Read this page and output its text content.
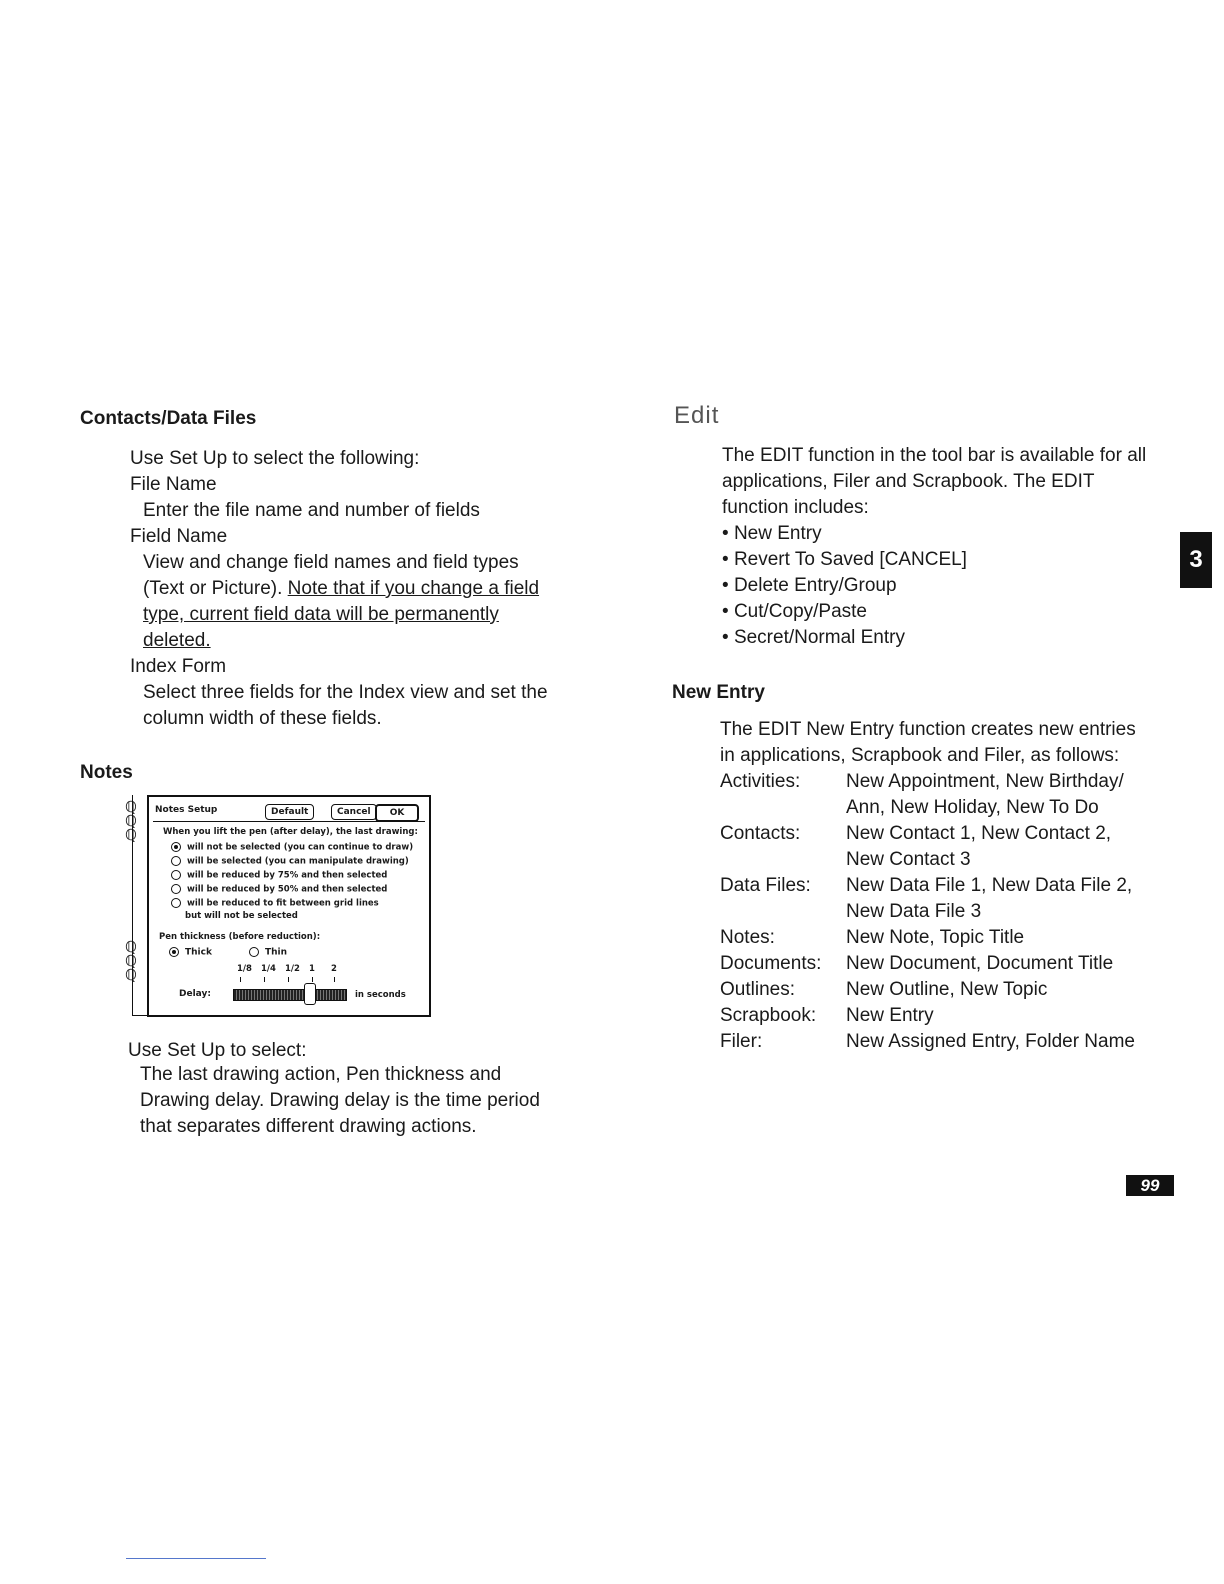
Contacts/Data Files
Use Set Up to select the following:
File Name
Enter the file name and number of fields
Field Name
View and change field names and field types
(Text or Picture). Note that if you change a field
type, current field data will be permanently
deleted.
Index Form
Select three fields for the Index view and set the
column width of these fields.
Notes
ℚ
ℚ
ℚ
ℚ
ℚ
ℚ
Notes Setup	Default	Cancel	OK
When you lift the pen (after delay), the last drawing:
will not be selected (you can continue to draw)
will be selected (you can manipulate drawing)
will be reduced by 75% and then selected
will be reduced by 50% and then selected
will be reduced to fit between grid lines
but will not be selected
Pen thickness (before reduction):
Thick	Thin
1/8 1/4 1/2 1 2
Delay:	in seconds
Use Set Up to select:
The last drawing action, Pen thickness and
Drawing delay. Drawing delay is the time period
that separates different drawing actions.
Edit
The EDIT function in the tool bar is available for all
applications, Filer and Scrapbook. The EDIT
function includes:
• New Entry
• Revert To Saved [CANCEL]
• Delete Entry/Group
• Cut/Copy/Paste
• Secret/Normal Entry
New Entry
The EDIT New Entry function creates new entries
in applications, Scrapbook and Filer, as follows:
Activities: New Appointment, New Birthday/
Ann, New Holiday, New To Do
Contacts: New Contact 1, New Contact 2,
New Contact 3
Data Files: New Data File 1, New Data File 2,
New Data File 3
Notes:	New Note, Topic Title
Documents: New Document, Document Title
Outlines:	New Outline, New Topic
Scrapbook: New Entry
Filer:	New Assigned Entry, Folder Name
3
99
